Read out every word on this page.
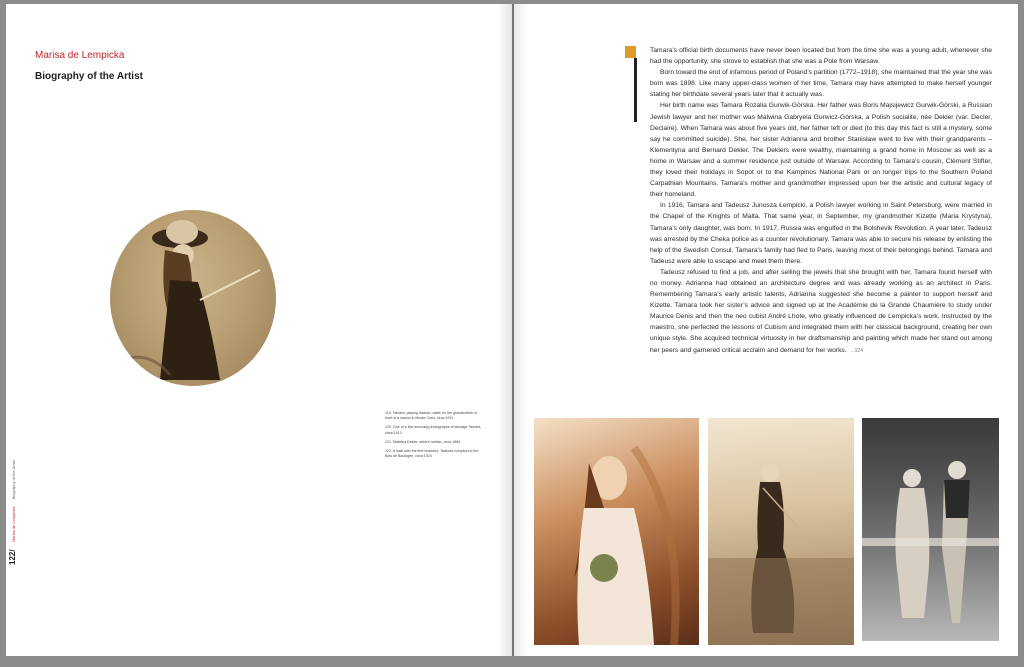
Marisa de Lempicka
Biography of the Artist

119. Tamara, playing diabolo, waits for her grandmother in front of a casino in Monte Carlo, circa 1911

120. One of a few surviving photographs of teenage Tamara, circa 1913

121. Malwina Dekler, artist’s mother, circa 1880

122. A walk with the first husband, Tadeusz Łempicki in the Bois de Boulogne, circa 1924

122/ Marisa de Lempicka Biography of the Artist

Tamara’s official birth documents have never been located but from the time she was a young adult, whenever she had the opportunity, she strove to establish that she was a Pole from Warsaw.

Born toward the end of infamous period of Poland’s partition (1772–1918), she maintained that the year she was born was 1898. Like many upper-class women of her time, Tamara may have attempted to make herself younger stating her birthdate several years later that it actually was.

Her birth name was Tamara Rozalia Gurwik-Górska. Her father was Boris Majsijewicz Gurwik-Górski, a Russian Jewish lawyer and her mother was Malwina Gabryela Gurwicz-Górska, a Polish socialite, née Dekler (var. Decler, Declaire). When Tamara was about five years old, her father left or died (to this day this fact is still a mystery, some say he committed suicide). She, her sister Adrianna and brother Stanisław went to live with their grandparents – Klementyna and Bernard Dekler. The Deklers were wealthy, maintaining a grand home in Moscow as well as a home in Warsaw and a summer residence just outside of Warsaw. According to Tamara’s cousin, Clément Stifter, they loved their holidays in Sopot or to the Kampinos National Park or on longer trips to the Southern Poland Carpathian Mountains. Tamara’s mother and grandmother impressed upon her the artistic and cultural legacy of their homeland.

In 1916, Tamara and Tadeusz Junosza Łempicki, a Polish lawyer working in Saint Petersburg, were married in the Chapel of the Knights of Malta. That same year, in September, my grandmother Kizette (Maria Krystyna), Tamara’s only daughter, was born. In 1917, Russia was engulfed in the Bolshevik Revolution. A year later, Tadeusz was arrested by the Cheka police as a counter revolutionary. Tamara was able to secure his release by enlisting the help of the Swedish Consul. Tamara’s family had fled to Paris, leaving most of their belongings behind. Tamara and Tadeusz were able to escape and meet them there.

Tadeusz refused to find a job, and after selling the jewels that she brought with her, Tamara found herself with no money. Adrianna had obtained an architecture degree and was already working as an architect in Paris. Remembering Tamara’s early artistic talents, Adrianna suggested she become a painter to support herself and Kizette. Tamara took her sister’s advice and signed up at the Académie de la Grande Chaumière to study under Maurice Denis and then the neo cubist André Lhote, who greatly influenced de Lempicka’s work. Instructed by the maestro, she perfected the lessons of Cubism and integrated them with her classical background, creating her own unique style. She acquired technical virtuosity in her draftsmanship and painting which made her stand out among her peers and garnered critical acclaim and demand for her works. →124
